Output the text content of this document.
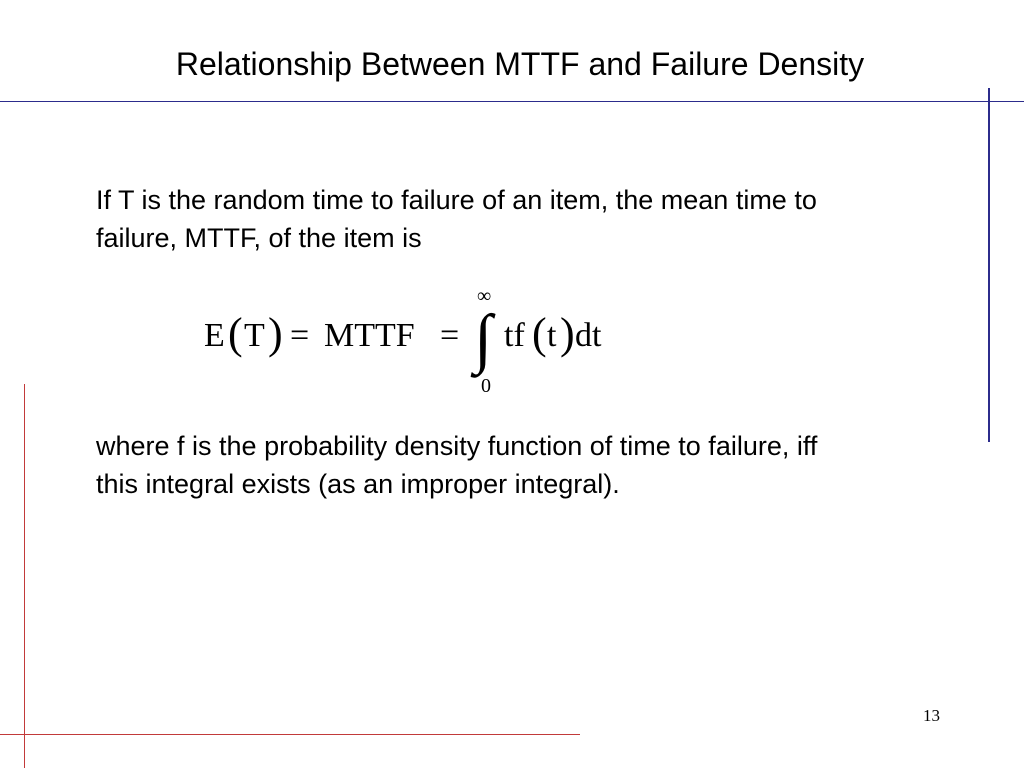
Relationship Between MTTF and Failure Density
If T is the random time to failure of an item, the mean time to failure, MTTF, of the item is
E ( T ) = MTTF =
∞
∫
0
tf ( t ) dt
where f is the probability density function of time to failure, iff this integral exists (as an improper integral).
13
